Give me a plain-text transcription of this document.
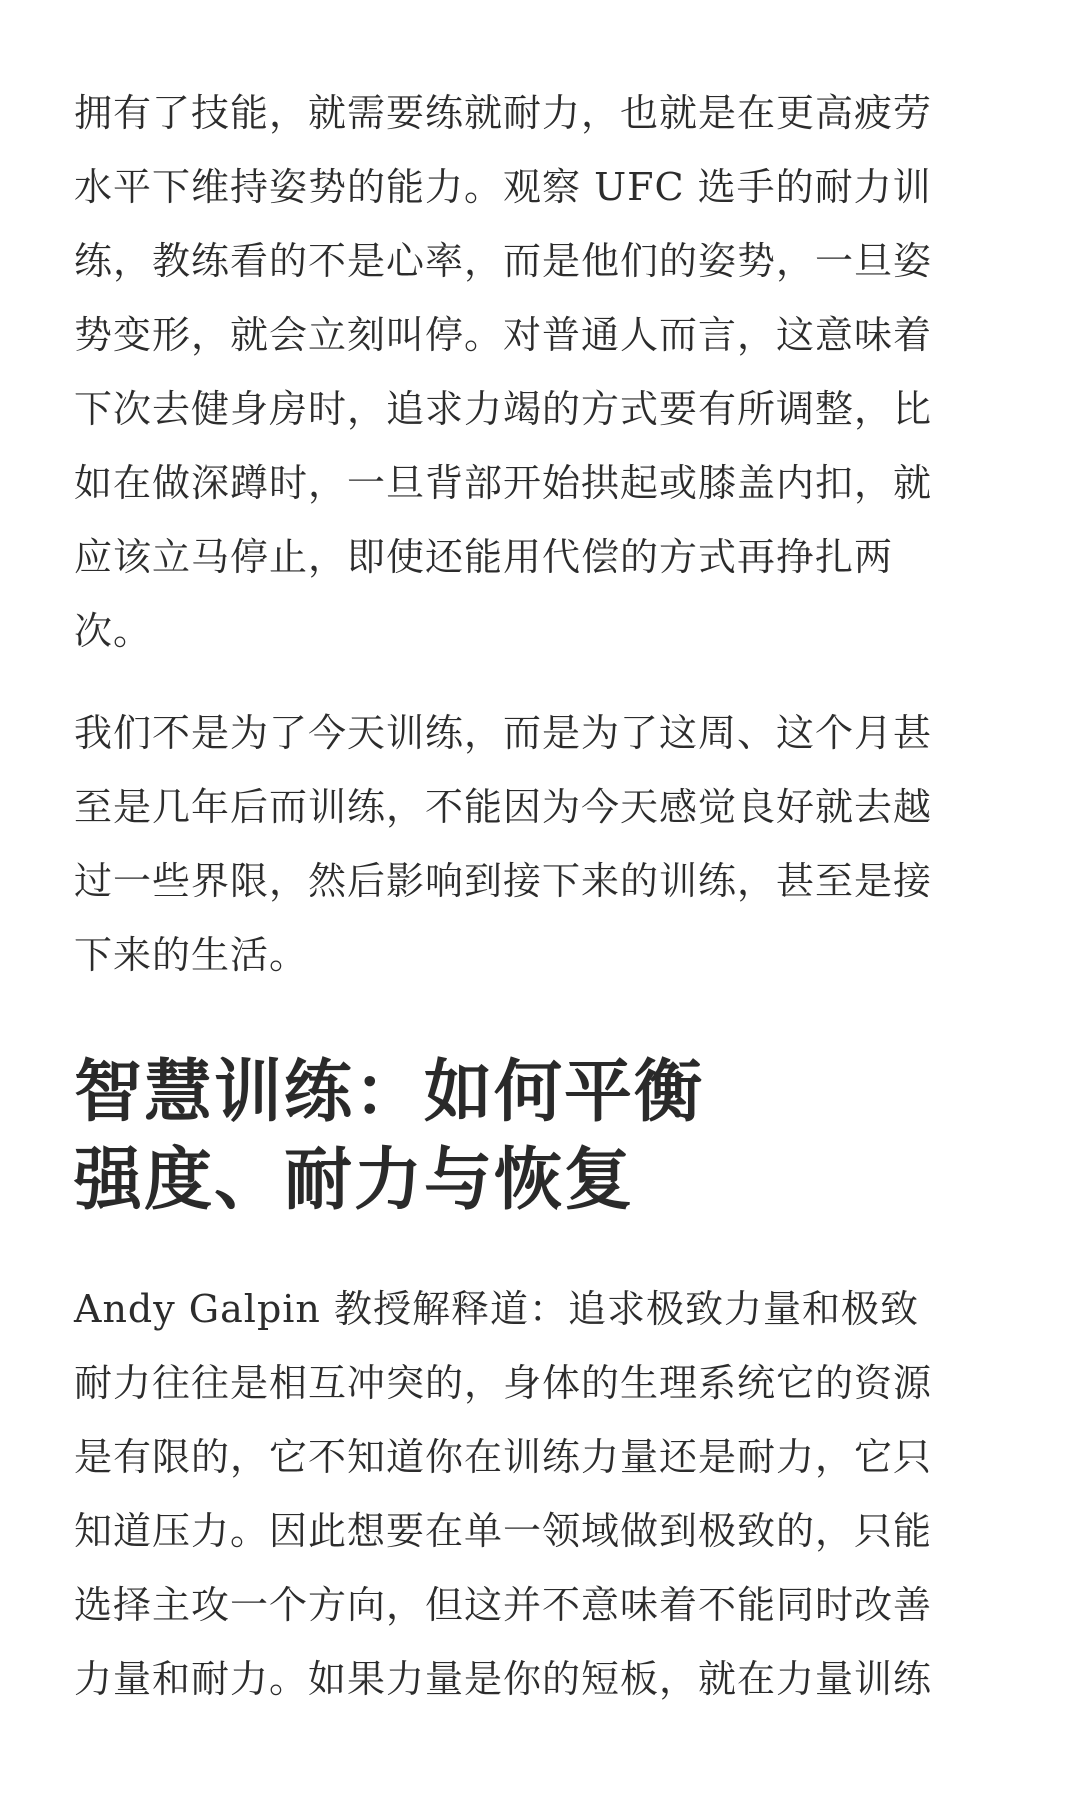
拥有了技能，就需要练就耐力，也就是在更高疲劳
水平下维持姿势的能力。观察 UFC 选手的耐力训
练，教练看的不是心率，而是他们的姿势，一旦姿
势变形，就会立刻叫停。对普通人而言，这意味着
下次去健身房时，追求力竭的方式要有所调整，比
如在做深蹲时，一旦背部开始拱起或膝盖内扣，就
应该立马停止，即使还能用代偿的方式再挣扎两
次。

我们不是为了今天训练，而是为了这周、这个月甚
至是几年后而训练，不能因为今天感觉良好就去越
过一些界限，然后影响到接下来的训练，甚至是接
下来的生活。

智慧训练：如何平衡
强度、耐力与恢复

Andy Galpin 教授解释道：追求极致力量和极致
耐力往往是相互冲突的，身体的生理系统它的资源
是有限的，它不知道你在训练力量还是耐力，它只
知道压力。因此想要在单一领域做到极致的，只能
选择主攻一个方向，但这并不意味着不能同时改善
力量和耐力。如果力量是你的短板，就在力量训练
